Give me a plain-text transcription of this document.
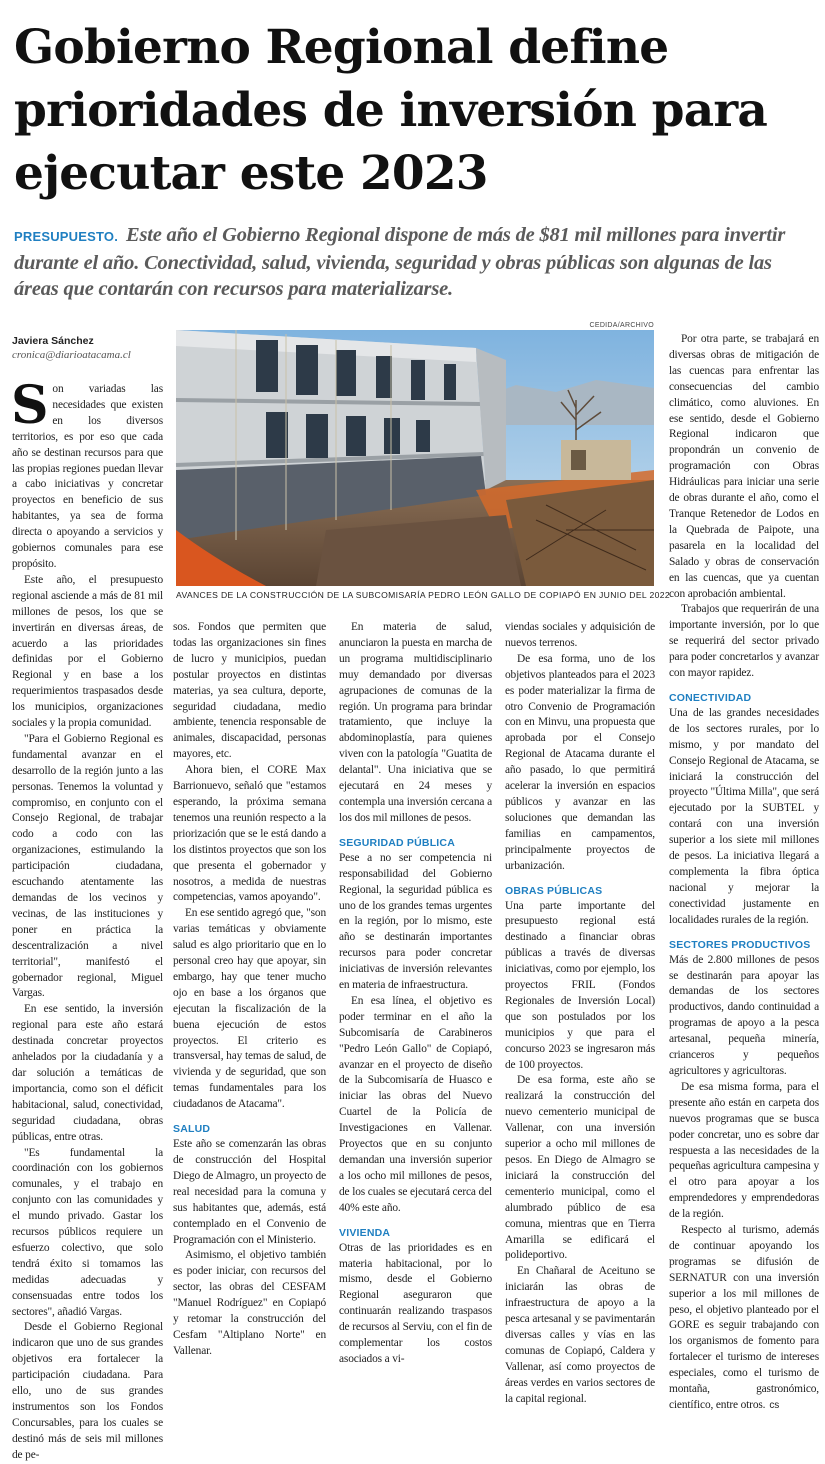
Gobierno Regional define prioridades de inversión para ejecutar este 2023
PRESUPUESTO. Este año el Gobierno Regional dispone de más de $81 mil millones para invertir durante el año. Conectividad, salud, vivienda, seguridad y obras públicas son algunas de las áreas que contarán con recursos para materializarse.
Javiera Sánchez
cronica@diarioatacama.cl
CEDIDA/ARCHIVO
AVANCES DE LA CONSTRUCCIÓN DE LA SUBCOMISARÍA PEDRO LEÓN GALLO DE COPIAPÓ EN JUNIO DEL 2022

Son variadas las necesidades que existen en los diversos territorios, es por eso que cada año se destinan recursos para que las propias regiones puedan llevar a cabo iniciativas y concretar proyectos en beneficio de sus habitantes, ya sea de forma directa o apoyando a servicios y gobiernos comunales para ese propósito.

Este año, el presupuesto regional asciende a más de 81 mil millones de pesos, los que se invertirán en diversas áreas, de acuerdo a las prioridades definidas por el Gobierno Regional y en base a los requerimientos traspasados desde los municipios, organizaciones sociales y la propia comunidad.

"Para el Gobierno Regional es fundamental avanzar en el desarrollo de la región junto a las personas. Tenemos la voluntad y compromiso, en conjunto con el Consejo Regional, de trabajar codo a codo con las organizaciones, estimulando la participación ciudadana, escuchando atentamente las demandas de los vecinos y vecinas, de las instituciones y poner en práctica la descentralización a nivel territorial", manifestó el gobernador regional, Miguel Vargas.

En ese sentido, la inversión regional para este año estará destinada concretar proyectos anhelados por la ciudadanía y a dar solución a temáticas de importancia, como son el déficit habitacional, salud, conectividad, seguridad ciudadana, obras públicas, entre otras.

"Es fundamental la coordinación con los gobiernos comunales, y el trabajo en conjunto con las comunidades y el mundo privado. Gastar los recursos públicos requiere un esfuerzo colectivo, que solo tendrá éxito si tomamos las medidas adecuadas y consensuadas entre todos los sectores", añadió Vargas.

Desde el Gobierno Regional indicaron que uno de sus grandes objetivos era fortalecer la participación ciudadana. Para ello, uno de sus grandes instrumentos son los Fondos Concursables, para los cuales se destinó más de seis mil millones de pe-

sos. Fondos que permiten que todas las organizaciones sin fines de lucro y municipios, puedan postular proyectos en distintas materias, ya sea cultura, deporte, seguridad ciudadana, medio ambiente, tenencia responsable de animales, discapacidad, personas mayores, etc.

Ahora bien, el CORE Max Barrionuevo, señaló que "estamos esperando, la próxima semana tenemos una reunión respecto a la priorización que se le está dando a los distintos proyectos que son los que presenta el gobernador y nosotros, a medida de nuestras competencias, vamos apoyando".

En ese sentido agregó que, "son varias temáticas y obviamente salud es algo prioritario que en lo personal creo hay que apoyar, sin embargo, hay que tener mucho ojo en base a los órganos que ejecutan la fiscalización de la buena ejecución de estos proyectos. El criterio es transversal, hay temas de salud, de vivienda y de seguridad, que son temas fundamentales para los ciudadanos de Atacama".

SALUD

Este año se comenzarán las obras de construcción del Hospital Diego de Almagro, un proyecto de real necesidad para la comuna y sus habitantes que, además, está contemplado en el Convenio de Programación con el Ministerio.

Asimismo, el objetivo también es poder iniciar, con recursos del sector, las obras del CESFAM "Manuel Rodríguez" en Copiapó y retomar la construcción del Cesfam "Altiplano Norte" en Vallenar.

En materia de salud, anunciaron la puesta en marcha de un programa multidisciplinario muy demandado por diversas agrupaciones de comunas de la región. Un programa para brindar tratamiento, que incluye la abdominoplastía, para quienes viven con la patología "Guatita de delantal". Una iniciativa que se ejecutará en 24 meses y contempla una inversión cercana a los dos mil millones de pesos.

SEGURIDAD PÚBLICA

Pese a no ser competencia ni responsabilidad del Gobierno Regional, la seguridad pública es uno de los grandes temas urgentes en la región, por lo mismo, este año se destinarán importantes recursos para poder concretar iniciativas de inversión relevantes en materia de infraestructura.

En esa línea, el objetivo es poder terminar en el año la Subcomisaría de Carabineros "Pedro León Gallo" de Copiapó, avanzar en el proyecto de diseño de la Subcomisaría de Huasco e iniciar las obras del Nuevo Cuartel de la Policía de Investigaciones en Vallenar. Proyectos que en su conjunto demandan una inversión superior a los ocho mil millones de pesos, de los cuales se ejecutará cerca del 40% este año.

VIVIENDA

Otras de las prioridades es en materia habitacional, por lo mismo, desde el Gobierno Regional aseguraron que continuarán realizando traspasos de recursos al Serviu, con el fin de complementar los costos asociados a vi-

viendas sociales y adquisición de nuevos terrenos.

De esa forma, uno de los objetivos planteados para el 2023 es poder materializar la firma de otro Convenio de Programación con en Minvu, una propuesta que aprobada por el Consejo Regional de Atacama durante el año pasado, lo que permitirá acelerar la inversión en espacios públicos y avanzar en las soluciones que demandan las familias en campamentos, principalmente proyectos de urbanización.

OBRAS PÚBLICAS

Una parte importante del presupuesto regional está destinado a financiar obras públicas a través de diversas iniciativas, como por ejemplo, los proyectos FRIL (Fondos Regionales de Inversión Local) que son postulados por los municipios y que para el concurso 2023 se ingresaron más de 100 proyectos.

De esa forma, este año se realizará la construcción del nuevo cementerio municipal de Vallenar, con una inversión superior a ocho mil millones de pesos. En Diego de Almagro se iniciará la construcción del cementerio municipal, como el alumbrado público de esa comuna, mientras que en Tierra Amarilla se edificará el polideportivo.

En Chañaral de Aceituno se iniciarán las obras de infraestructura de apoyo a la pesca artesanal y se pavimentarán diversas calles y vías en las comunas de Copiapó, Caldera y Vallenar, así como proyectos de áreas verdes en varios sectores de la capital regional.

Por otra parte, se trabajará en diversas obras de mitigación de las cuencas para enfrentar las consecuencias del cambio climático, como aluviones. En ese sentido, desde el Gobierno Regional indicaron que propondrán un convenio de programación con Obras Hidráulicas para iniciar una serie de obras durante el año, como el Tranque Retenedor de Lodos en la Quebrada de Paipote, una pasarela en la localidad del Salado y obras de conservación en las cuencas, que ya cuentan con aprobación ambiental.

Trabajos que requerirán de una importante inversión, por lo que se requerirá del sector privado para poder concretarlos y avanzar con mayor rapidez.

CONECTIVIDAD

Una de las grandes necesidades de los sectores rurales, por lo mismo, y por mandato del Consejo Regional de Atacama, se iniciará la construcción del proyecto "Última Milla", que será ejecutado por la SUBTEL y contará con una inversión superior a los siete mil millones de pesos. La iniciativa llegará a complementa la fibra óptica nacional y mejorar la conectividad justamente en localidades rurales de la región.

SECTORES PRODUCTIVOS

Más de 2.800 millones de pesos se destinarán para apoyar las demandas de los sectores productivos, dando continuidad a programas de apoyo a la pesca artesanal, pequeña minería, crianceros y pequeños agricultores y agricultoras.

De esa misma forma, para el presente año están en carpeta dos nuevos programas que se busca poder concretar, uno es sobre dar respuesta a las necesidades de la pequeñas agricultura campesina y el otro para apoyar a los emprendedores y emprendedoras de la región.

Respecto al turismo, además de continuar apoyando los programas se difusión de SERNATUR con una inversión superior a los mil millones de peso, el objetivo planteado por el GORE es seguir trabajando con los organismos de fomento para fortalecer el turismo de intereses especiales, como el turismo de montaña, gastronómico, científico, entre otros. cs
